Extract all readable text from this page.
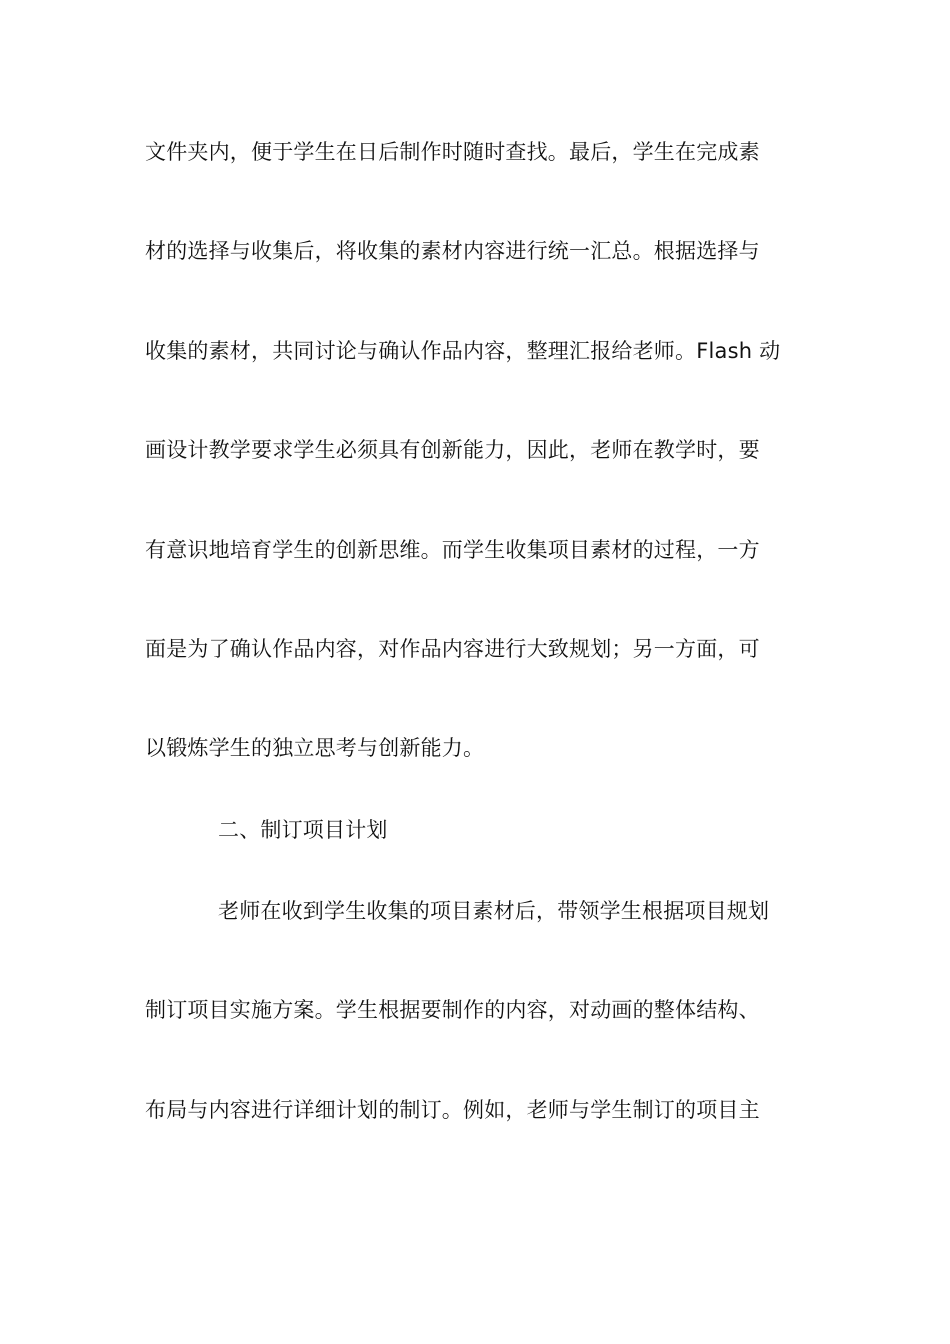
文件夹内，便于学生在日后制作时随时查找。最后，学生在完成素
材的选择与收集后，将收集的素材内容进行统一汇总。根据选择与
收集的素材，共同讨论与确认作品内容，整理汇报给老师。Flash 动
画设计教学要求学生必须具有创新能力，因此，老师在教学时，要
有意识地培育学生的创新思维。而学生收集项目素材的过程，一方
面是为了确认作品内容，对作品内容进行大致规划；另一方面，可
以锻炼学生的独立思考与创新能力。
二、制订项目计划
老师在收到学生收集的项目素材后，带领学生根据项目规划
制订项目实施方案。学生根据要制作的内容，对动画的整体结构、
布局与内容进行详细计划的制订。例如，老师与学生制订的项目主
